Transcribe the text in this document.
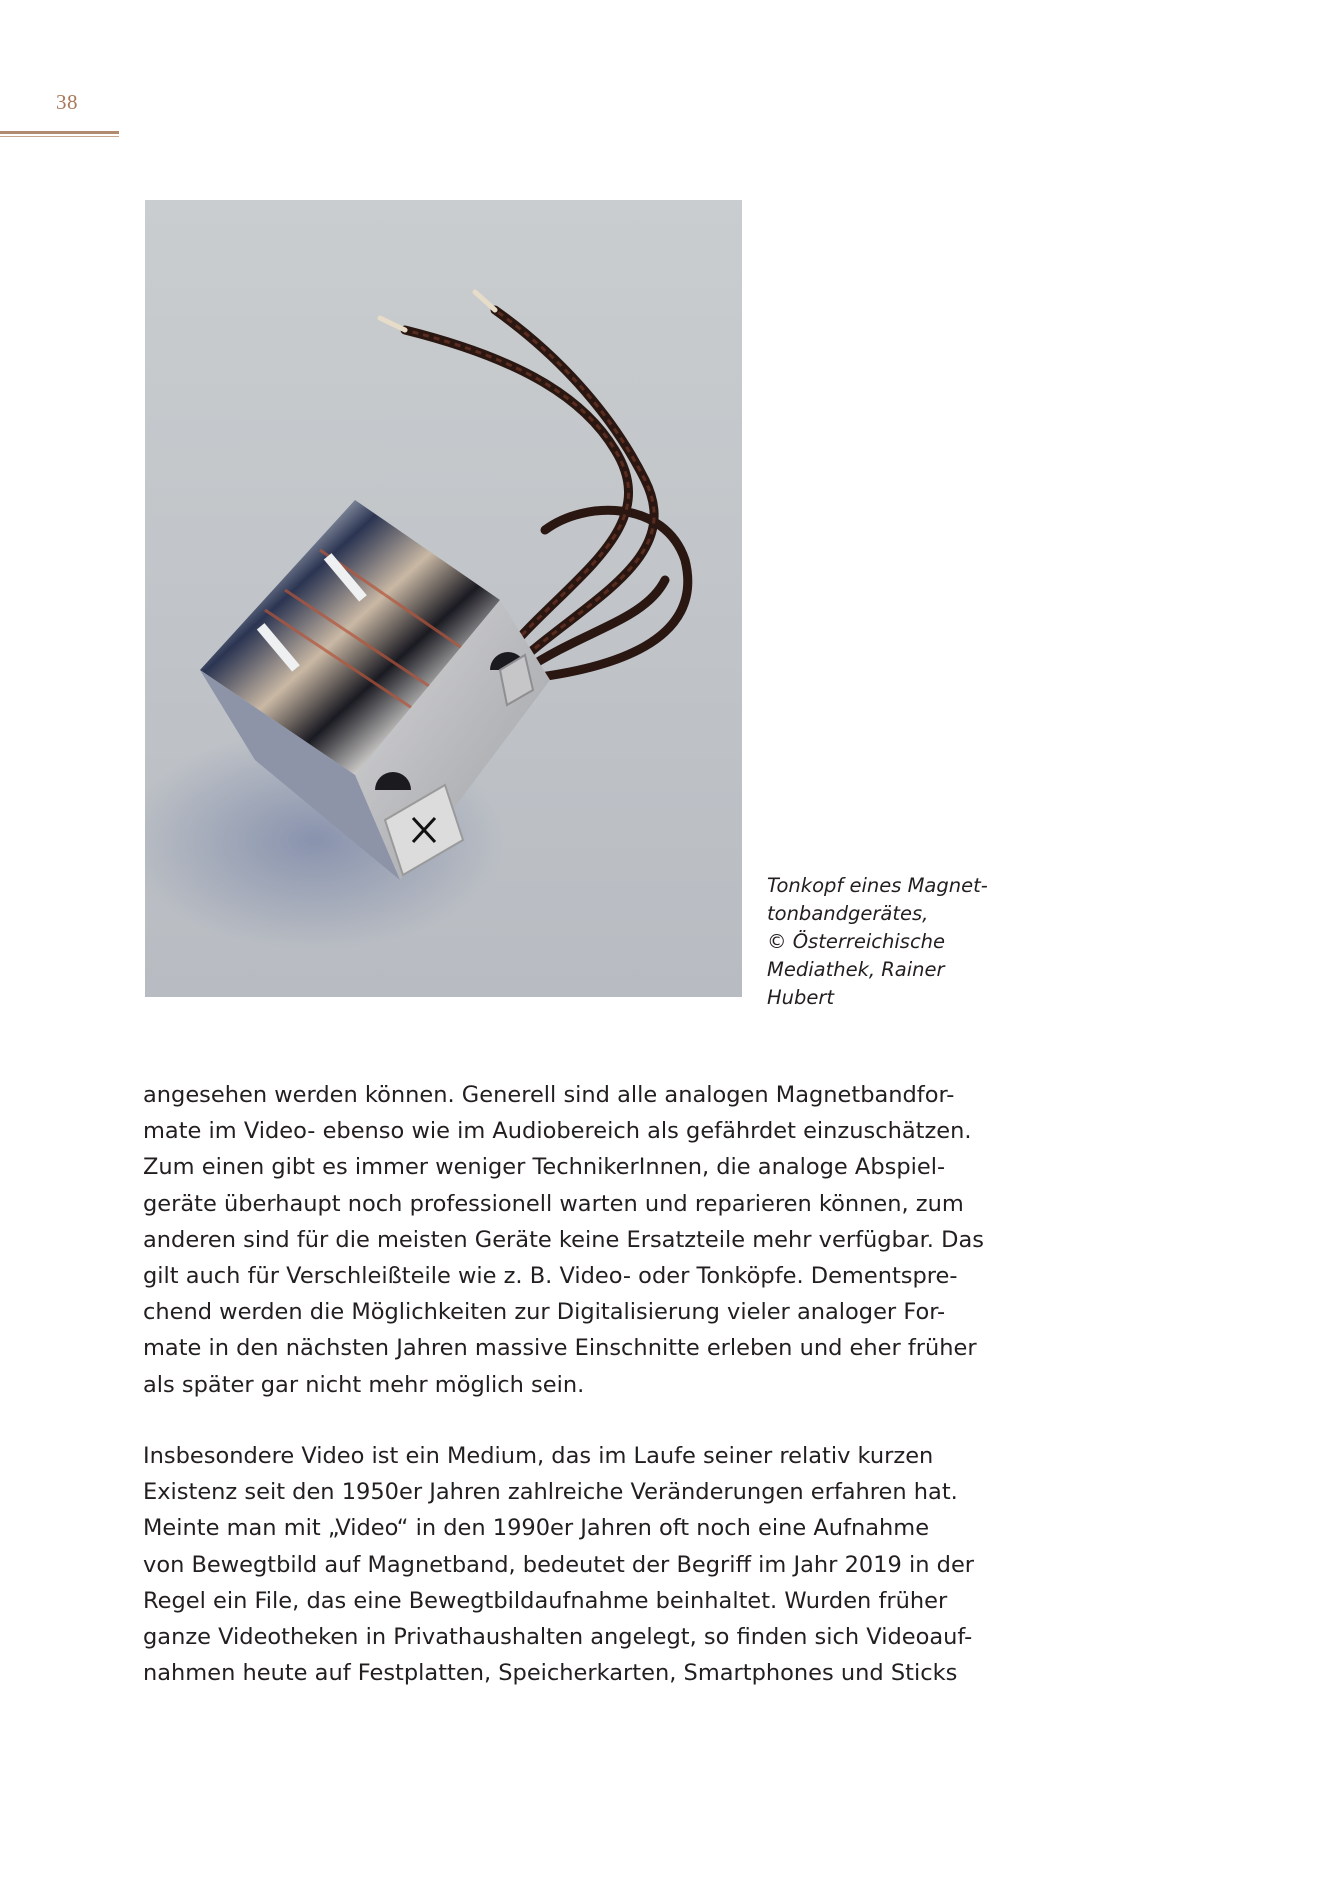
38
Tonkopf eines Magnet-
tonbandgerätes,
© Österreichische
Mediathek, Rainer
Hubert
angesehen werden können. Generell sind alle analogen Magnetbandfor-
mate im Video- ebenso wie im Audiobereich als gefährdet einzuschätzen.
Zum einen gibt es immer weniger TechnikerInnen, die analoge Abspiel-
geräte überhaupt noch professionell warten und reparieren können, zum
anderen sind für die meisten Geräte keine Ersatzteile mehr verfügbar. Das
gilt auch für Verschleißteile wie z. B. Video- oder Tonköpfe. Dementspre-
chend werden die Möglichkeiten zur Digitalisierung vieler analoger For-
mate in den nächsten Jahren massive Einschnitte erleben und eher früher
als später gar nicht mehr möglich sein.
Insbesondere Video ist ein Medium, das im Laufe seiner relativ kurzen
Existenz seit den 1950er Jahren zahlreiche Veränderungen erfahren hat.
Meinte man mit „Video“ in den 1990er Jahren oft noch eine Aufnahme
von Bewegtbild auf Magnetband, bedeutet der Begriff im Jahr 2019 in der
Regel ein File, das eine Bewegtbildaufnahme beinhaltet. Wurden früher
ganze Videotheken in Privathaushalten angelegt, so finden sich Videoauf-
nahmen heute auf Festplatten, Speicherkarten, Smartphones und Sticks
